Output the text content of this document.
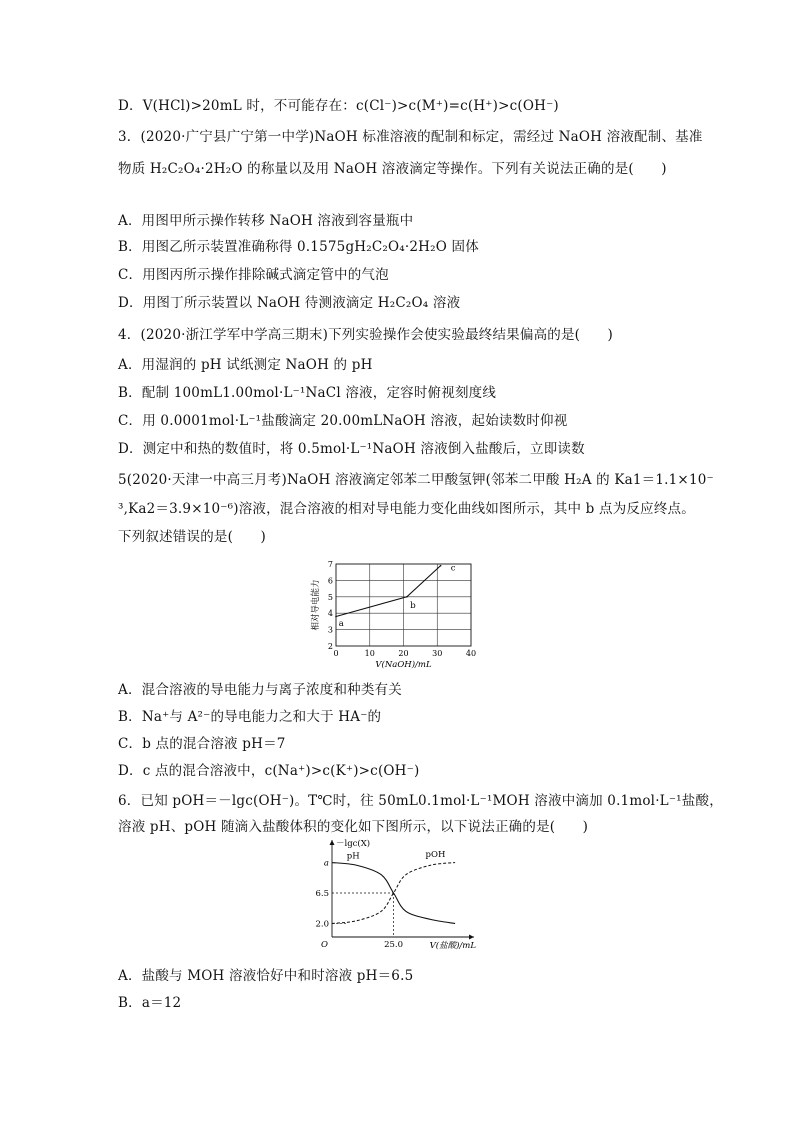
D．V(HCl)>20mL 时，不可能存在：c(Cl⁻)>c(M⁺)=c(H⁺)>c(OH⁻)
3．(2020·广宁县广宁第一中学)NaOH 标准溶液的配制和标定，需经过 NaOH 溶液配制、基准
物质 H₂C₂O₄·2H₂O 的称量以及用 NaOH 溶液滴定等操作。下列有关说法正确的是(　　)
A．用图甲所示操作转移 NaOH 溶液到容量瓶中
B．用图乙所示装置准确称得 0.1575gH₂C₂O₄·2H₂O 固体
C．用图丙所示操作排除碱式滴定管中的气泡
D．用图丁所示装置以 NaOH 待测液滴定 H₂C₂O₄ 溶液
4．(2020·浙江学军中学高三期末)下列实验操作会使实验最终结果偏高的是(　　)
A．用湿润的 pH 试纸测定 NaOH 的 pH
B．配制 100mL1.00mol·L⁻¹NaCl 溶液，定容时俯视刻度线
C．用 0.0001mol·L⁻¹盐酸滴定 20.00mLNaOH 溶液，起始读数时仰视
D．测定中和热的数值时，将 0.5mol·L⁻¹NaOH 溶液倒入盐酸后，立即读数
5(2020·天津一中高三月考)NaOH 溶液滴定邻苯二甲酸氢钾(邻苯二甲酸 H₂A 的 Ka1＝1.1×10⁻
³,Ka2＝3.9×10⁻⁶)溶液，混合溶液的相对导电能力变化曲线如图所示，其中 b 点为反应终点。
下列叙述错误的是(　　)
0	10	20	30	40
2
3
4
5
6
7
V(NaOH)/mL
相对导电能力 a
b
c
A．混合溶液的导电能力与离子浓度和种类有关
B．Na⁺与 A²⁻的导电能力之和大于 HA⁻的
C．b 点的混合溶液 pH＝7
D．c 点的混合溶液中，c(Na⁺)>c(K⁺)>c(OH⁻)
6．已知 pOH＝－lgc(OH⁻)。T℃时，往 50mL0.1mol·L⁻¹MOH 溶液中滴加 0.1mol·L⁻¹盐酸，
溶液 pH、pOH 随滴入盐酸体积的变化如下图所示，以下说法正确的是(　　)
－lgc(X)
V(盐酸)/mL
O
a
6.5
2.0
25.0
pH	pOH
A．盐酸与 MOH 溶液恰好中和时溶液 pH＝6.5
B．a＝12
